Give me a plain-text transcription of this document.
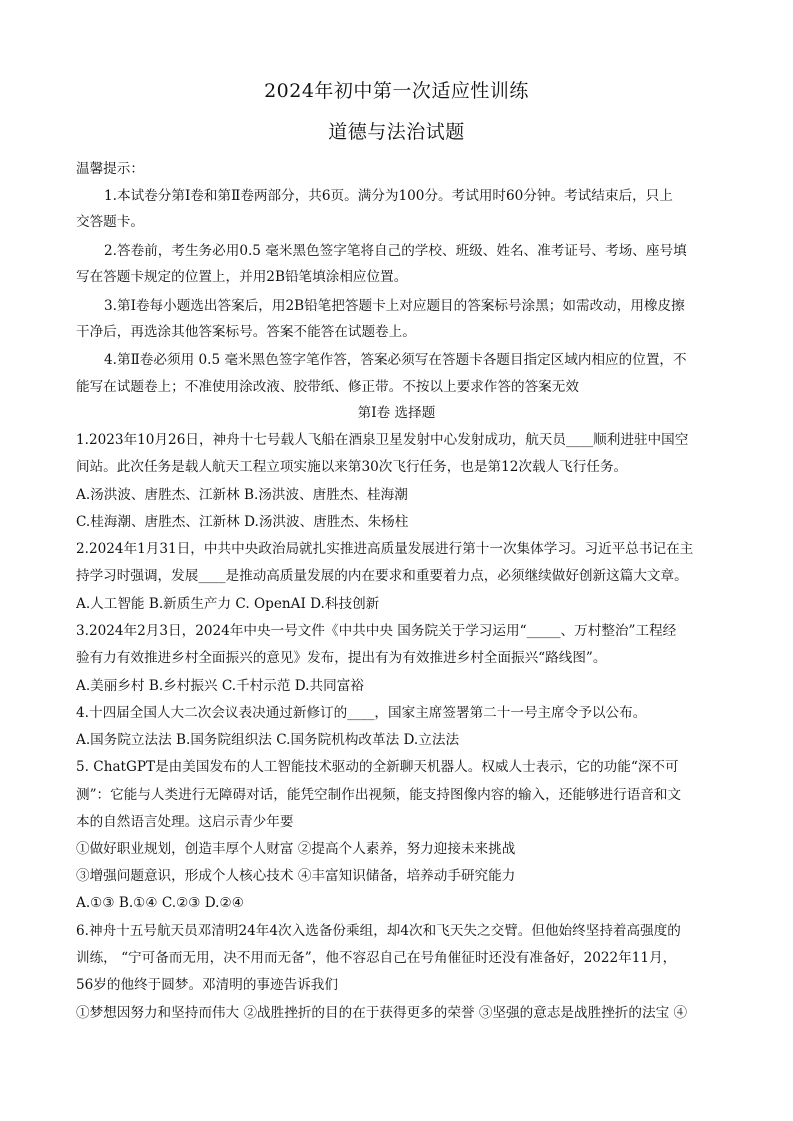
2024年初中第一次适应性训练
道德与法治试题
温馨提示：
1.本试卷分第Ⅰ卷和第Ⅱ卷两部分，共6页。满分为100分。考试用时60分钟。考试结束后，只上
交答题卡。
2.答卷前，考生务必用0.5 毫米黑色签字笔将自己的学校、班级、姓名、准考证号、考场、座号填
写在答题卡规定的位置上，并用2B铅笔填涂相应位置。
3.第Ⅰ卷每小题选出答案后，用2B铅笔把答题卡上对应题目的答案标号涂黑；如需改动，用橡皮擦
干净后，再选涂其他答案标号。答案不能答在试题卷上。
4.第Ⅱ卷必须用 0.5 毫米黑色签字笔作答，答案必须写在答题卡各题目指定区域内相应的位置，不
能写在试题卷上；不准使用涂改液、胶带纸、修正带。不按以上要求作答的答案无效
第Ⅰ卷 选择题
1.2023年10月26日，神舟十七号载人飞船在酒泉卫星发射中心发射成功，航天员____顺利进驻中国空
间站。此次任务是载人航天工程立项实施以来第30次飞行任务，也是第12次载人飞行任务。
A.汤洪波、唐胜杰、江新林 B.汤洪波、唐胜杰、桂海潮
C.桂海潮、唐胜杰、江新林 D.汤洪波、唐胜杰、朱杨柱
2.2024年1月31日，中共中央政治局就扎实推进高质量发展进行第十一次集体学习。习近平总书记在主
持学习时强调，发展____是推动高质量发展的内在要求和重要着力点，必须继续做好创新这篇大文章。
A.人工智能 B.新质生产力 C. OpenAI D.科技创新
3.2024年2月3日，2024年中央一号文件《中共中央 国务院关于学习运用“_____、万村整治”工程经
验有力有效推进乡村全面振兴的意见》发布，提出有为有效推进乡村全面振兴“路线图”。
A.美丽乡村 B.乡村振兴 C.千村示范 D.共同富裕
4.十四届全国人大二次会议表决通过新修订的____，国家主席签署第二十一号主席令予以公布。
A.国务院立法法 B.国务院组织法 C.国务院机构改革法 D.立法法
5. ChatGPT是由美国发布的人工智能技术驱动的全新聊天机器人。权威人士表示，它的功能“深不可
测”：它能与人类进行无障碍对话，能凭空制作出视频，能支持图像内容的输入，还能够进行语音和文
本的自然语言处理。这启示青少年要
①做好职业规划，创造丰厚个人财富 ②提高个人素养，努力迎接未来挑战
③增强问题意识，形成个人核心技术 ④丰富知识储备，培养动手研究能力
A.①③ B.①④ C.②③ D.②④
6.神舟十五号航天员邓清明24年4次入选备份乘组，却4次和飞天失之交臂。但他始终坚持着高强度的
训练， “宁可备而无用，决不用而无备”，他不容忍自己在号角催征时还没有准备好，2022年11月，
56岁的他终于圆梦。邓清明的事迹告诉我们
①梦想因努力和坚持而伟大 ②战胜挫折的目的在于获得更多的荣誉 ③坚强的意志是战胜挫折的法宝 ④
